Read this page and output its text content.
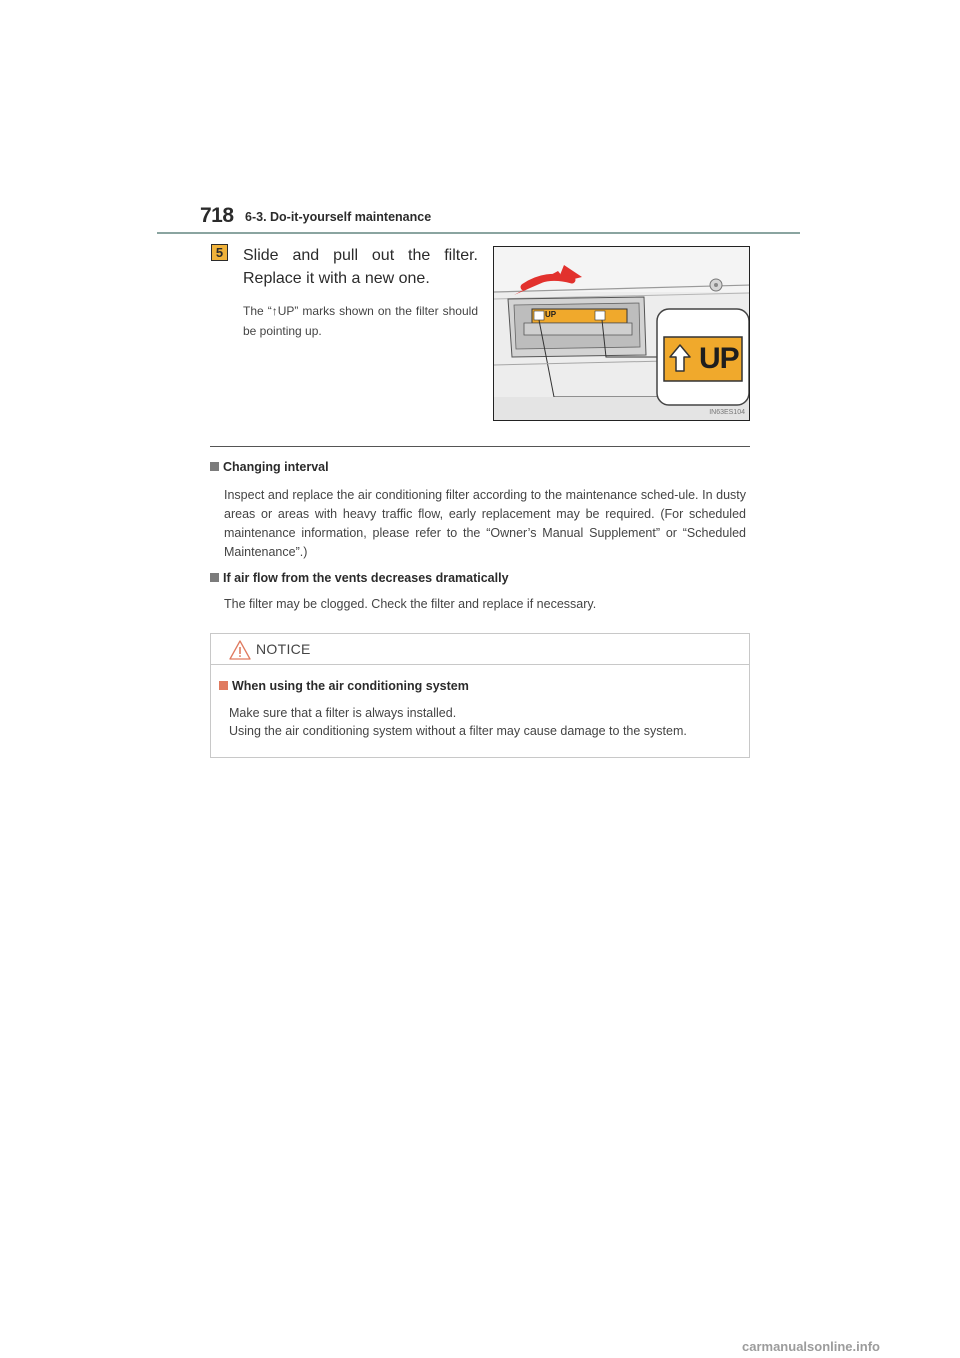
718 6-3. Do-it-yourself maintenance
5	Slide and pull out the filter. Replace it with a new one.
The “↑UP” marks shown on the filter should be pointing up.
UP
UP
IN63ES104
Changing interval
Inspect and replace the air conditioning filter according to the maintenance sched-ule. In dusty areas or areas with heavy traffic flow, early replacement may be required. (For scheduled maintenance information, please refer to the “Owner’s Manual Supplement” or “Scheduled Maintenance”.)
If air flow from the vents decreases dramatically
The filter may be clogged. Check the filter and replace if necessary.
NOTICE
When using the air conditioning system
Make sure that a filter is always installed.
Using the air conditioning system without a filter may cause damage to the system.
carmanualsonline.info
